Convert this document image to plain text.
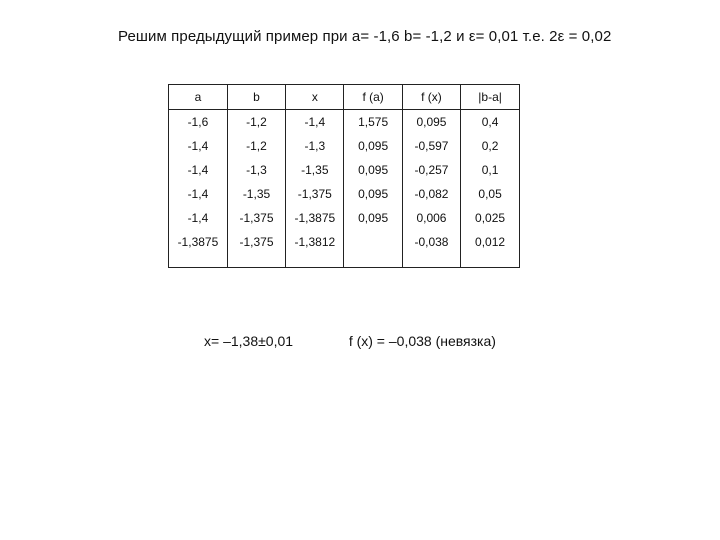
Решим предыдущий пример при a= -1,6 b= -1,2 и ε= 0,01 т.е. 2ε = 0,02
a	b	x	f (a)	f (x)	|b-a|
-1,6	-1,2	-1,4	1,575	0,095	0,4
-1,4	-1,2	-1,3	0,095	-0,597	0,2
-1,4	-1,3	-1,35	0,095	-0,257	0,1
-1,4	-1,35	-1,375	0,095	-0,082	0,05
-1,4	-1,375	-1,3875	0,095	0,006	0,025
-1,3875	-1,375	-1,3812		-0,038	0,012

x= –1,38±0,01	f (x) = –0,038 (невязка)
